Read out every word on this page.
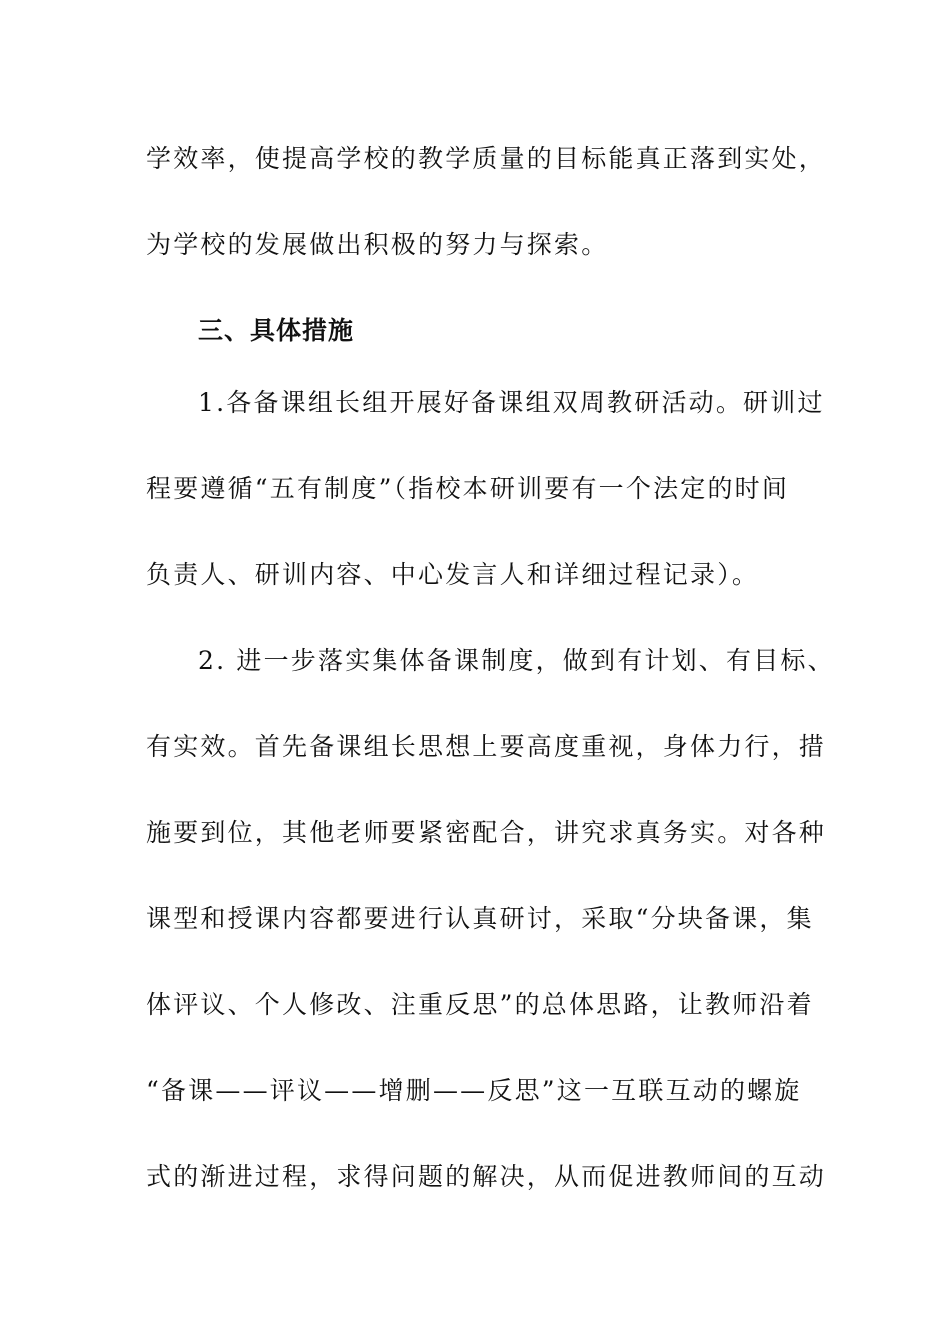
学效率，使提高学校的教学质量的目标能真正落到实处，
为学校的发展做出积极的努力与探索。
三、具体措施
1.各备课组长组开展好备课组双周教研活动。研训过
程要遵循“五有制度”（指校本研训要有一个法定的时间
负责人、研训内容、中心发言人和详细过程记录）。
2. 进一步落实集体备课制度，做到有计划、有目标、
有实效。首先备课组长思想上要高度重视，身体力行，措
施要到位，其他老师要紧密配合，讲究求真务实。对各种
课型和授课内容都要进行认真研讨，采取“分块备课，集
体评议、个人修改、注重反思”的总体思路，让教师沿着
“备课——评议——增删——反思”这一互联互动的螺旋
式的渐进过程，求得问题的解决，从而促进教师间的互动
